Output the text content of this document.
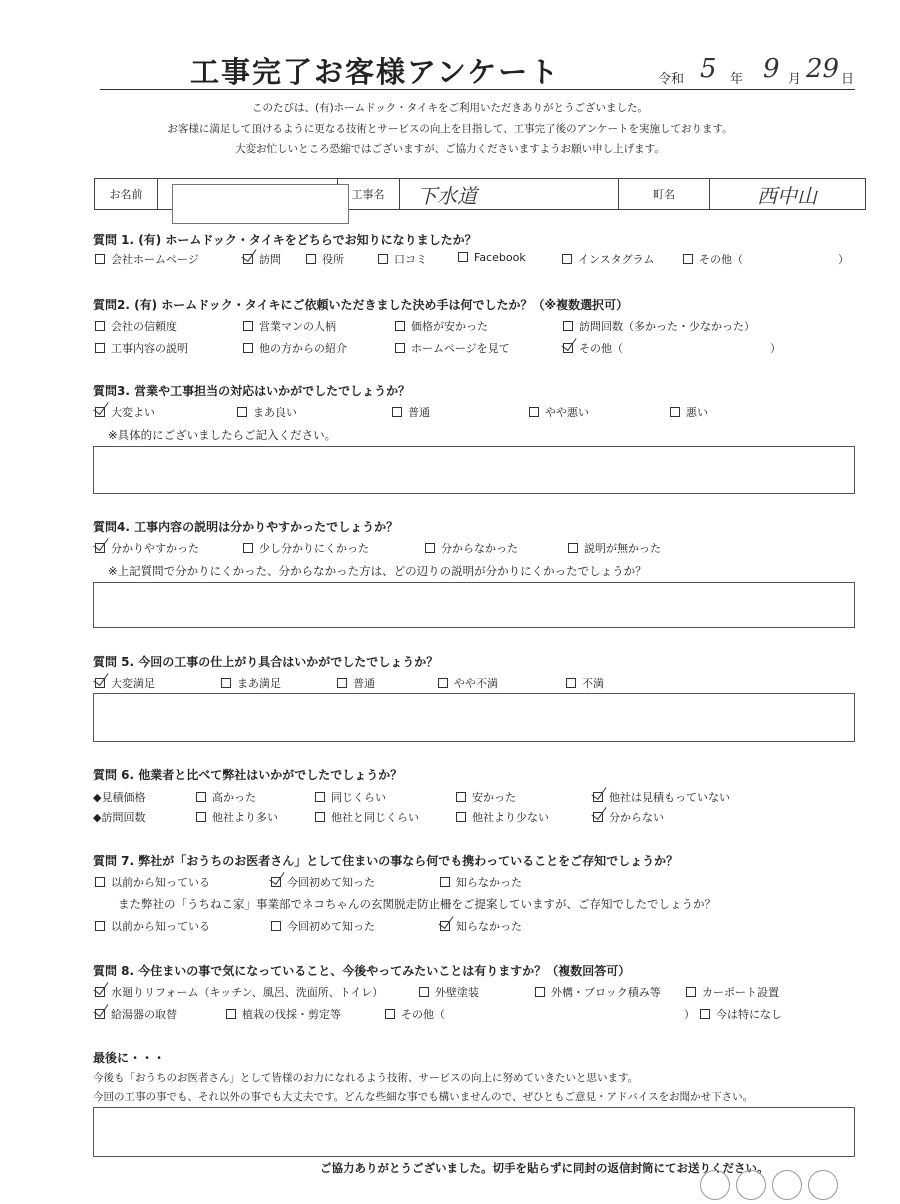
工事完了お客様アンケート	令和 5 年 9 月 29 日
このたびは、(有)ホームドック・タイキをご利用いただきありがとうございました。
お客様に満足して頂けるように更なる技術とサービスの向上を目指して、工事完了後のアンケートを実施しております。
大変お忙しいところ恐縮ではございますが、ご協力くださいますようお願い申し上げます。
お名前	工事名	下水道	町名	西中山
質問 1. (有) ホームドック・タイキをどちらでお知りになりましたか？
会社ホームページ	訪問	役所	口コミ	Facebook	インスタグラム	その他（	）
質問2. (有) ホームドック・タイキにご依頼いただきました決め手は何でしたか？（※複数選択可）
会社の信頼度	営業マンの人柄	価格が安かった	訪問回数（多かった・少なかった）
工事内容の説明	他の方からの紹介	ホームページを見て	その他（	）
質問3. 営業や工事担当の対応はいかがでしたでしょうか？
大変よい	まあ良い	普通	やや悪い	悪い
※具体的にございましたらご記入ください。
質問4. 工事内容の説明は分かりやすかったでしょうか？
分かりやすかった	少し分かりにくかった	分からなかった	説明が無かった
※上記質問で分かりにくかった、分からなかった方は、どの辺りの説明が分かりにくかったでしょうか？
質問 5. 今回の工事の仕上がり具合はいかがでしたでしょうか？
大変満足	まあ満足	普通	やや不満	不満
質問 6. 他業者と比べて弊社はいかがでしたでしょうか？
◆見積価格	高かった	同じくらい	安かった	他社は見積もっていない
◆訪問回数	他社より多い	他社と同じくらい	他社より少ない	分からない
質問 7. 弊社が「おうちのお医者さん」として住まいの事なら何でも携わっていることをご存知でしょうか？
以前から知っている	今回初めて知った	知らなかった
また弊社の「うちねこ家」事業部でネコちゃんの玄関脱走防止柵をご提案していますが、ご存知でしたでしょうか？
以前から知っている	今回初めて知った	知らなかった
質問 8. 今住まいの事で気になっていること、今後やってみたいことは有りますか？（複数回答可）
水廻りリフォーム（キッチン、風呂、洗面所、トイレ）	外壁塗装	外構・ブロック積み等	カーポート設置
給湯器の取替	植栽の伐採・剪定等	その他（	）	今は特になし
最後に・・・
今後も「おうちのお医者さん」として皆様のお力になれるよう技術、サービスの向上に努めていきたいと思います。
今回の工事の事でも、それ以外の事でも大丈夫です。どんな些細な事でも構いませんので、ぜひともご意見・アドバイスをお聞かせ下さい。
ご協力ありがとうございました。切手を貼らずに同封の返信封筒にてお送りください。
